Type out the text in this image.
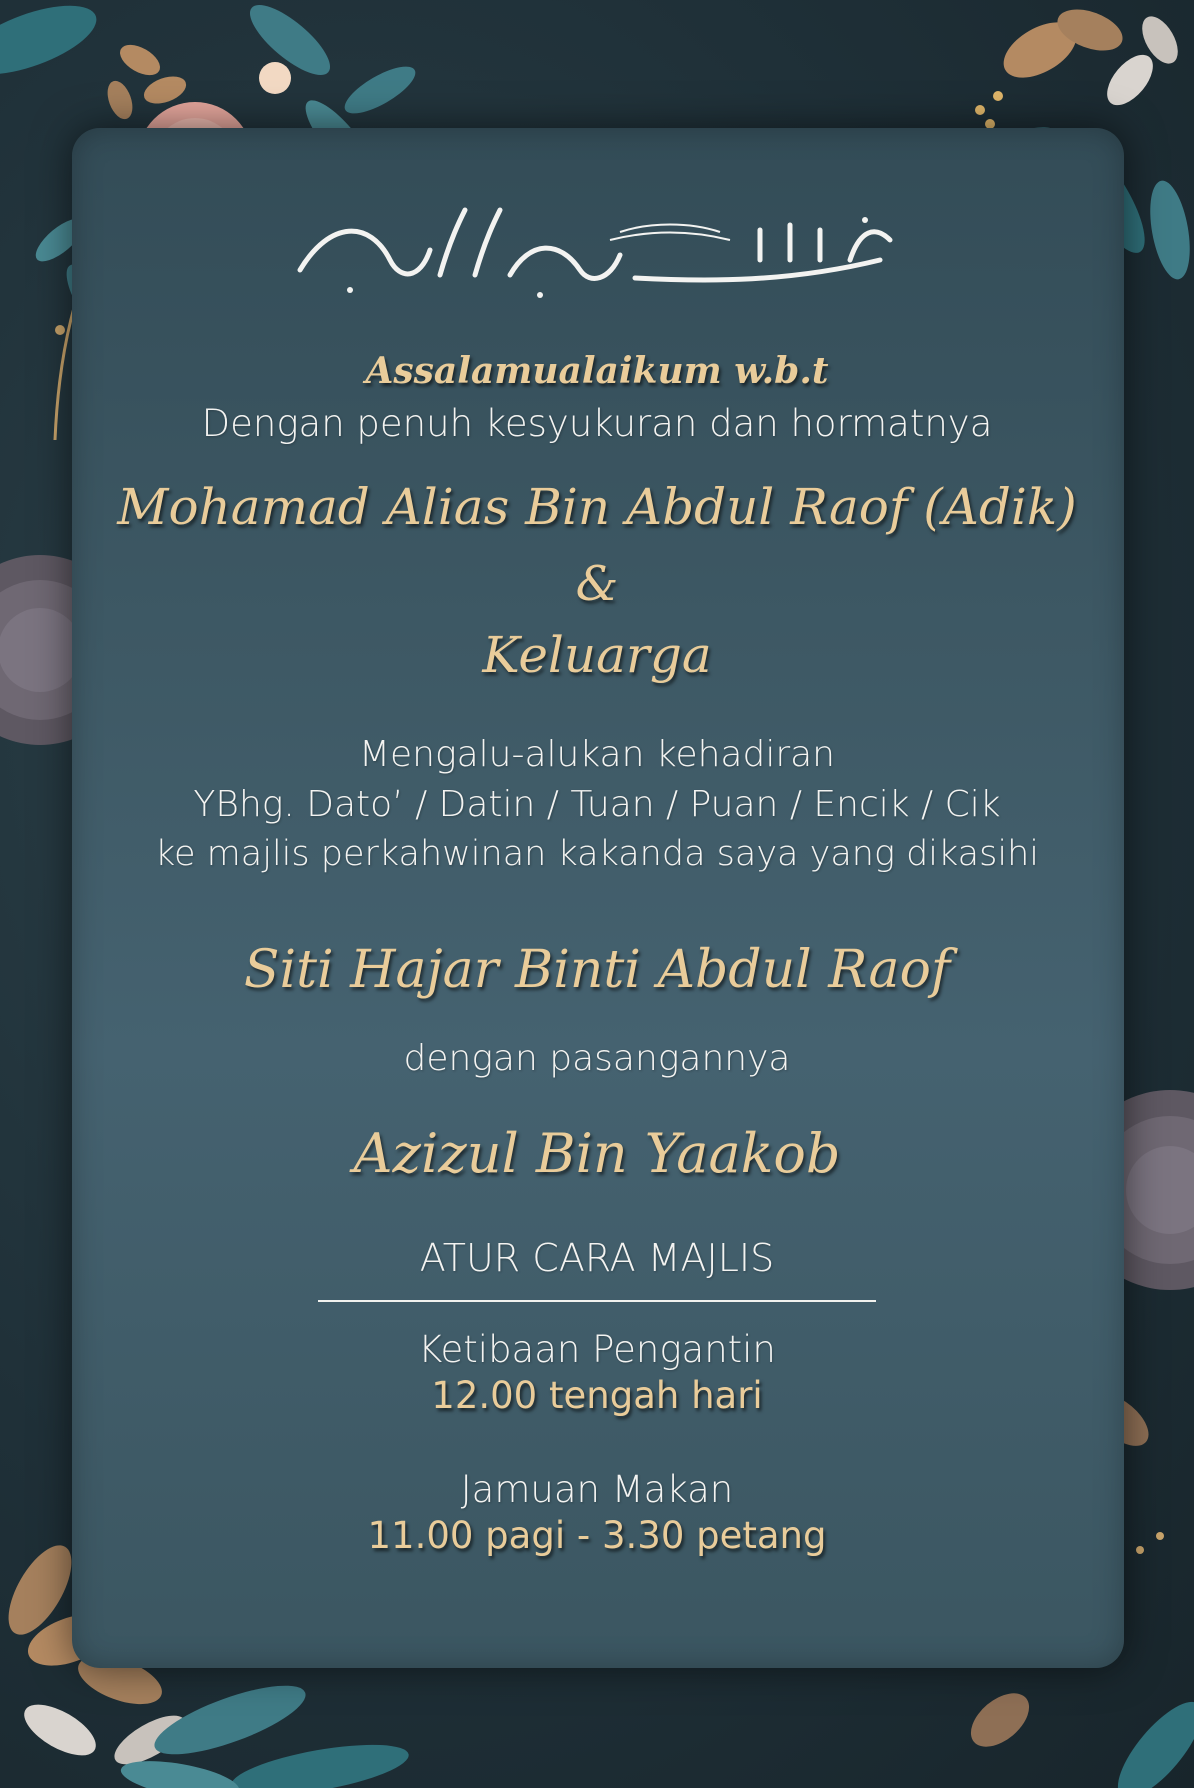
Assalamualaikum w.b.t

Dengan penuh kesyukuran dan hormatnya

Mohamad Alias Bin Abdul Raof (Adik)

&

Keluarga

Mengalu-alukan kehadiran

YBhg. Dato’ / Datin / Tuan / Puan / Encik / Cik

ke majlis perkahwinan kakanda saya yang dikasihi

Siti Hajar Binti Abdul Raof

dengan pasangannya

Azizul Bin Yaakob

ATUR CARA MAJLIS

Ketibaan Pengantin

12.00 tengah hari

Jamuan Makan

11.00 pagi - 3.30 petang
